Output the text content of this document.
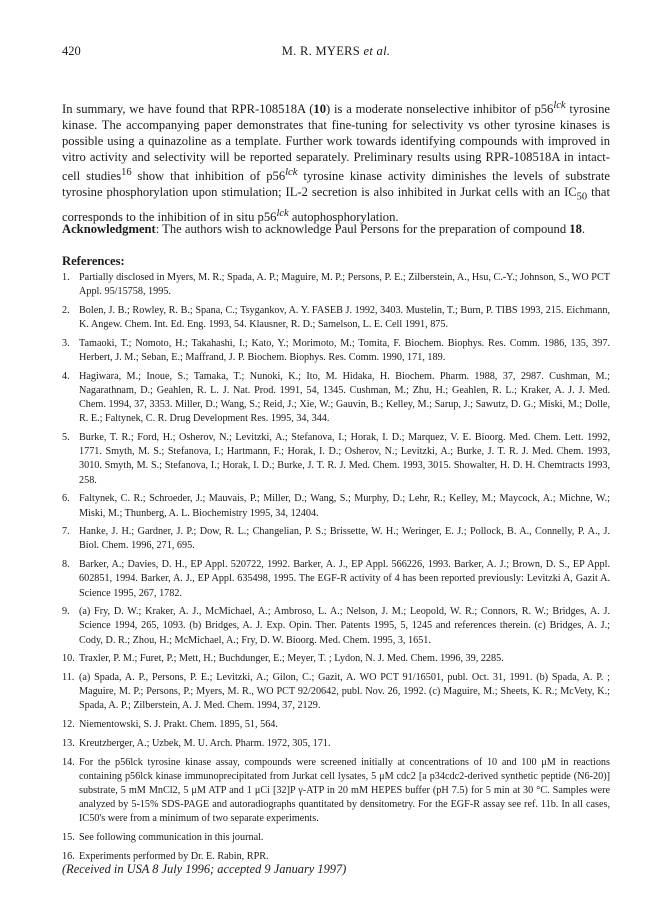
420	M. R. MYERS et al.

In summary, we have found that RPR-108518A (10) is a moderate nonselective inhibitor of $p56^{lck}$ tyrosine kinase. The accompanying paper demonstrates that fine-tuning for selectivity vs other tyrosine kinases is possible using a quinazoline as a template. Further work towards identifying compounds with improved in vitro activity and selectivity will be reported separately. Preliminary results using RPR-108518A in intact-cell studies$^{16}$ show that inhibition of $p56^{lck}$ tyrosine kinase activity diminishes the levels of substrate tyrosine phosphorylation upon stimulation; IL-2 secretion is also inhibited in Jurkat cells with an $IC_{50}$ that corresponds to the inhibition of in situ $p56^{lck}$ autophosphorylation.

Acknowledgment: The authors wish to acknowledge Paul Persons for the preparation of compound 18.

References:

1. Partially disclosed in Myers, M. R.; Spada, A. P.; Maguire, M. P.; Persons, P. E.; Zilberstein, A., Hsu, C.-Y.; Johnson, S., WO PCT Appl. 95/15758, 1995.
2. Bolen, J. B.; Rowley, R. B.; Spana, C.; Tsygankov, A. Y. FASEB J. 1992, 3403. Mustelin, T.; Burn, P. TIBS 1993, 215. Eichmann, K. Angew. Chem. Int. Ed. Eng. 1993, 54. Klausner, R. D.; Samelson, L. E. Cell 1991, 875.
3. Tamaoki, T.; Nomoto, H.; Takahashi, I.; Kato, Y.; Morimoto, M.; Tomita, F. Biochem. Biophys. Res. Comm. 1986, 135, 397. Herbert, J. M.; Seban, E.; Maffrand, J. P. Biochem. Biophys. Res. Comm. 1990, 171, 189.
4. Hagiwara, M.; Inoue, S.; Tamaka, T.; Nunoki, K.; Ito, M. Hidaka, H. Biochem. Pharm. 1988, 37, 2987. Cushman, M.; Nagarathnam, D.; Geahlen, R. L. J. Nat. Prod. 1991, 54, 1345. Cushman, M.; Zhu, H.; Geahlen, R. L.; Kraker, A. J. J. Med. Chem. 1994, 37, 3353. Miller, D.; Wang, S.; Reid, J.; Xie, W.; Gauvin, B.; Kelley, M.; Sarup, J.; Sawutz, D. G.; Miski, M.; Dolle, R. E.; Faltynek, C. R. Drug Development Res. 1995, 34, 344.
5. Burke, T. R.; Ford, H.; Osherov, N.; Levitzki, A.; Stefanova, I.; Horak, I. D.; Marquez, V. E. Bioorg. Med. Chem. Lett. 1992, 1771. Smyth, M. S.; Stefanova, I.; Hartmann, F.; Horak, I. D.; Osherov, N.; Levitzki, A.; Burke, J. T. R. J. Med. Chem. 1993, 3010. Smyth, M. S.; Stefanova, I.; Horak, I. D.; Burke, J. T. R. J. Med. Chem. 1993, 3015. Showalter, H. D. H. Chemtracts 1993, 258.
6. Faltynek, C. R.; Schroeder, J.; Mauvais, P.; Miller, D.; Wang, S.; Murphy, D.; Lehr, R.; Kelley, M.; Maycock, A.; Michne, W.; Miski, M.; Thunberg, A. L. Biochemistry 1995, 34, 12404.
7. Hanke, J. H.; Gardner, J. P.; Dow, R. L.; Changelian, P. S.; Brissette, W. H.; Weringer, E. J.; Pollock, B. A., Connelly, P. A., J. Biol. Chem. 1996, 271, 695.
8. Barker, A.; Davies, D. H., EP Appl. 520722, 1992. Barker, A. J., EP Appl. 566226, 1993. Barker, A. J.; Brown, D. S., EP Appl. 602851, 1994. Barker, A. J., EP Appl. 635498, 1995. The EGF-R activity of 4 has been reported previously: Levitzki A, Gazit A. Science 1995, 267, 1782.
9. (a) Fry, D. W.; Kraker, A. J., McMichael, A.; Ambroso, L. A.; Nelson, J. M.; Leopold, W. R.; Connors, R. W.; Bridges, A. J. Science 1994, 265, 1093. (b) Bridges, A. J. Exp. Opin. Ther. Patents 1995, 5, 1245 and references therein. (c) Bridges, A. J.; Cody, D. R.; Zhou, H.; McMichael, A.; Fry, D. W. Bioorg. Med. Chem. 1995, 3, 1651.
10. Traxler, P. M.; Furet, P.; Mett, H.; Buchdunger, E.; Meyer, T. ; Lydon, N. J. Med. Chem. 1996, 39, 2285.
11. (a) Spada, A. P., Persons, P. E.; Levitzki, A.; Gilon, C.; Gazit, A. WO PCT 91/16501, publ. Oct. 31, 1991. (b) Spada, A. P. ; Maguire, M. P.; Persons, P.; Myers, M. R., WO PCT 92/20642, publ. Nov. 26, 1992. (c) Maguire, M.; Sheets, K. R.; McVety, K.; Spada, A. P.; Zilberstein, A. J. Med. Chem. 1994, 37, 2129.
12. Niementowski, S. J. Prakt. Chem. 1895, 51, 564.
13. Kreutzberger, A.; Uzbek, M. U. Arch. Pharm. 1972, 305, 171.
14. For the p56lck tyrosine kinase assay, compounds were screened initially at concentrations of 10 and 100 μM in reactions containing p56lck kinase immunoprecipitated from Jurkat cell lysates, 5 μM cdc2 [a p34cdc2-derived synthetic peptide (N6-20)] substrate, 5 mM MnCl2, 5 μM ATP and 1 μCi [32]P γ-ATP in 20 mM HEPES buffer (pH 7.5) for 5 min at 30 °C. Samples were analyzed by 5-15% SDS-PAGE and autoradiographs quantitated by densitometry. For the EGF-R assay see ref. 11b. In all cases, IC50's were from a minimum of two separate experiments.
15. See following communication in this journal.
16. Experiments performed by Dr. E. Rabin, RPR.

(Received in USA 8 July 1996; accepted 9 January 1997)
